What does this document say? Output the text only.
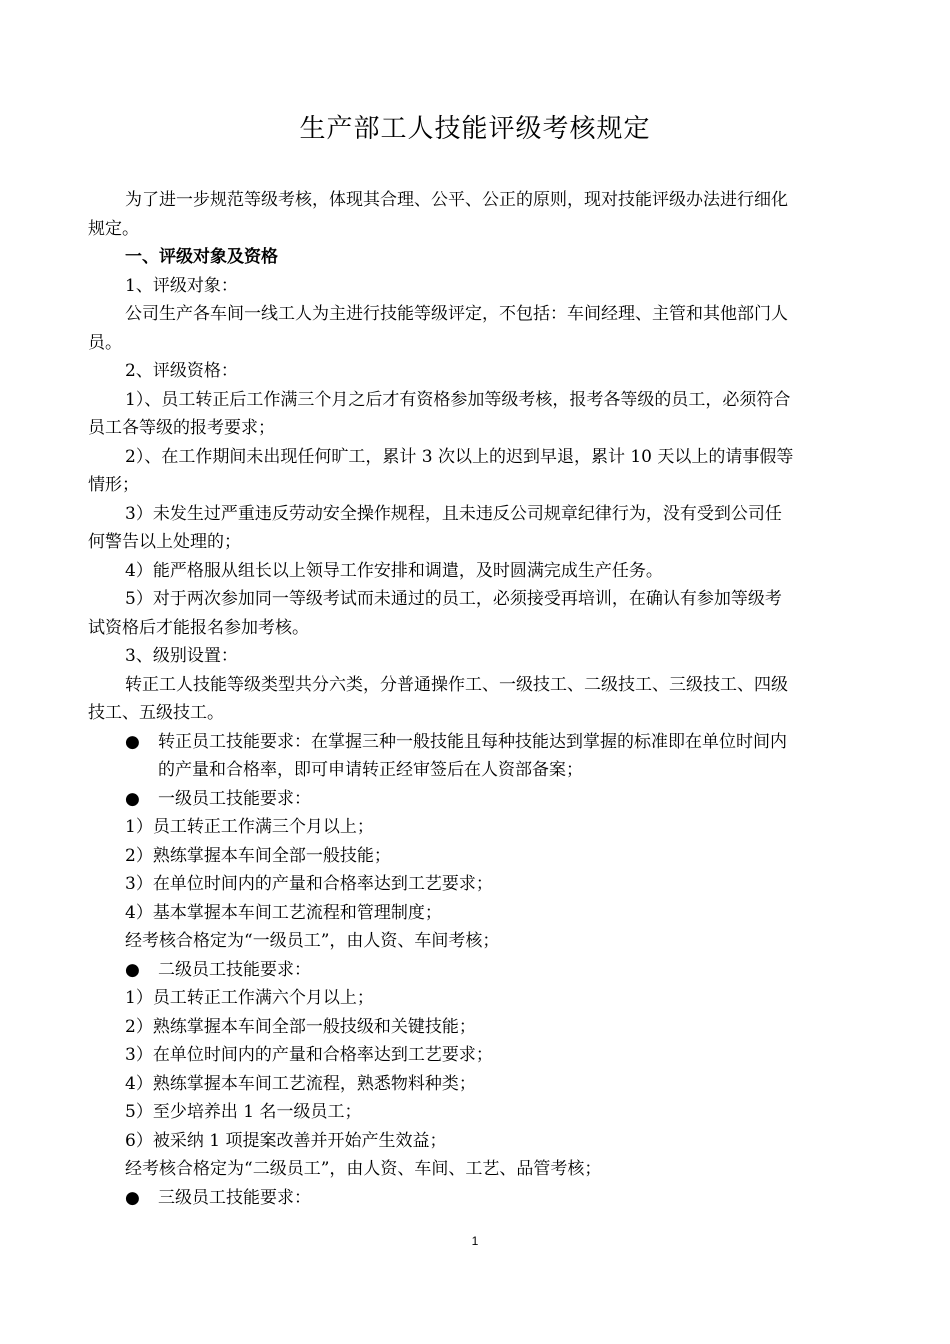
生产部工人技能评级考核规定

为了进一步规范等级考核，体现其合理、公平、公正的原则，现对技能评级办法进行细化

规定。

一、评级对象及资格

1、评级对象：

公司生产各车间一线工人为主进行技能等级评定，不包括：车间经理、主管和其他部门人

员。

2、评级资格：

1）、员工转正后工作满三个月之后才有资格参加等级考核，报考各等级的员工，必须符合

员工各等级的报考要求；

2）、在工作期间未出现任何旷工，累计 3 次以上的迟到早退，累计 10 天以上的请事假等

情形；

3）未发生过严重违反劳动安全操作规程，且未违反公司规章纪律行为，没有受到公司任

何警告以上处理的；

4）能严格服从组长以上领导工作安排和调遣，及时圆满完成生产任务。

5）对于两次参加同一等级考试而未通过的员工，必须接受再培训，在确认有参加等级考

试资格后才能报名参加考核。

3、级别设置：

转正工人技能等级类型共分六类，分普通操作工、一级技工、二级技工、三级技工、四级

技工、五级技工。

●	转正员工技能要求：在掌握三种一般技能且每种技能达到掌握的标准即在单位时间内

的产量和合格率，即可申请转正经审签后在人资部备案；

●	一级员工技能要求：

1）员工转正工作满三个月以上；

2）熟练掌握本车间全部一般技能；

3）在单位时间内的产量和合格率达到工艺要求；

4）基本掌握本车间工艺流程和管理制度；

经考核合格定为“一级员工”，由人资、车间考核；

●	二级员工技能要求：

1）员工转正工作满六个月以上；

2）熟练掌握本车间全部一般技级和关键技能；

3）在单位时间内的产量和合格率达到工艺要求；

4）熟练掌握本车间工艺流程，熟悉物料种类；

5）至少培养出 1 名一级员工；

6）被采纳 1 项提案改善并开始产生效益；

经考核合格定为“二级员工”，由人资、车间、工艺、品管考核；

●	三级员工技能要求：

1
